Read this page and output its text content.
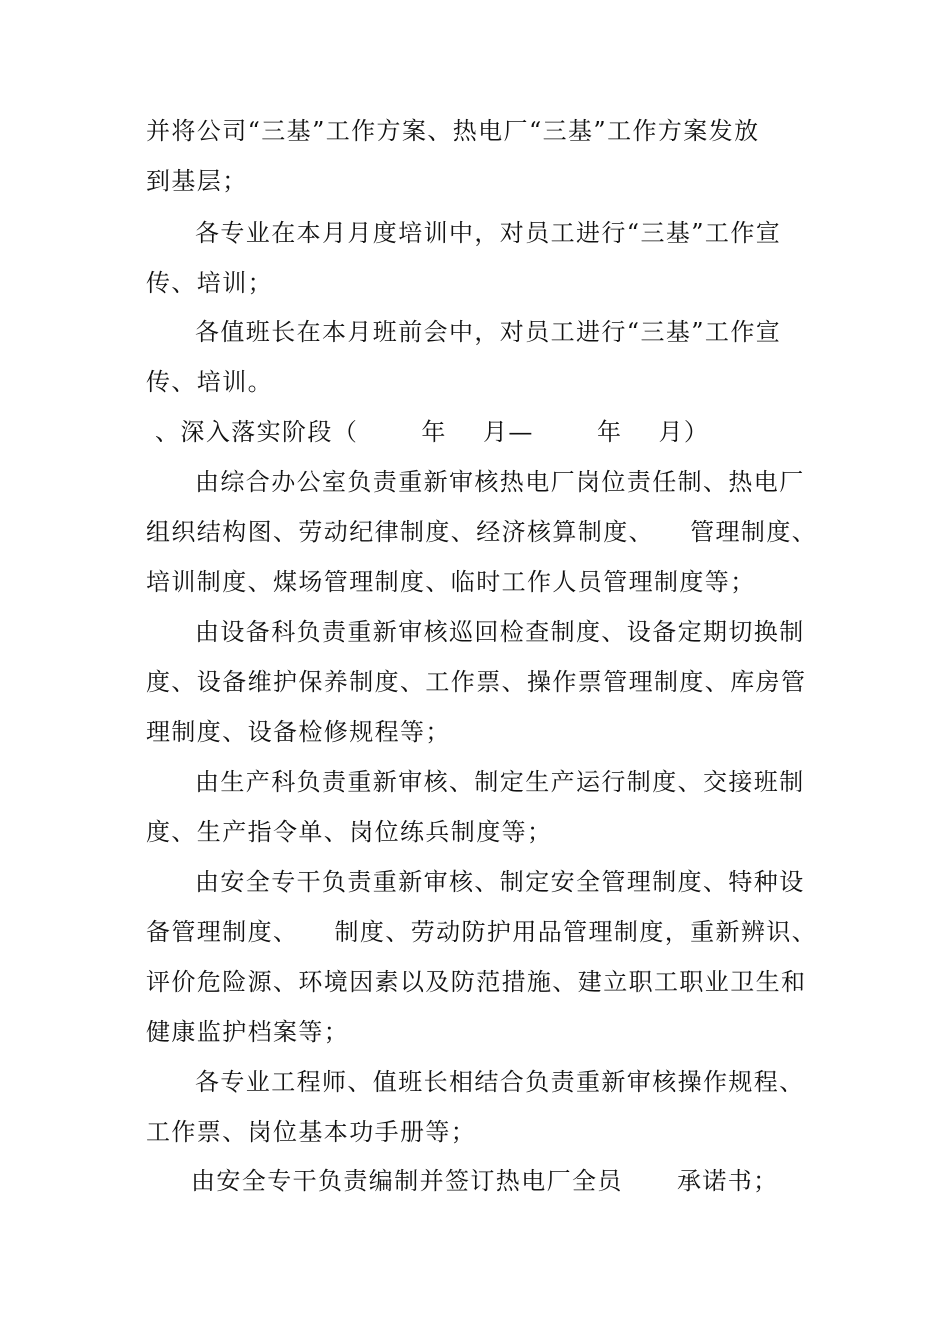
并将公司“三基”工作方案、热电厂“三基”工作方案发放
到基层；
各专业在本月月度培训中，对员工进行“三基”工作宣
传、培训；
各值班长在本月班前会中，对员工进行“三基”工作宣
传、培训。
、深入落实阶段（       年    月—       年    月）
由综合办公室负责重新审核热电厂岗位责任制、热电厂
组织结构图、劳动纪律制度、经济核算制度、    管理制度、
培训制度、煤场管理制度、临时工作人员管理制度等；
由设备科负责重新审核巡回检查制度、设备定期切换制
度、设备维护保养制度、工作票、操作票管理制度、库房管
理制度、设备检修规程等；
由生产科负责重新审核、制定生产运行制度、交接班制
度、生产指令单、岗位练兵制度等；
由安全专干负责重新审核、制定安全管理制度、特种设
备管理制度、    制度、劳动防护用品管理制度，重新辨识、
评价危险源、环境因素以及防范措施、建立职工职业卫生和
健康监护档案等；
各专业工程师、值班长相结合负责重新审核操作规程、
工作票、岗位基本功手册等；
由安全专干负责编制并签订热电厂全员      承诺书；
